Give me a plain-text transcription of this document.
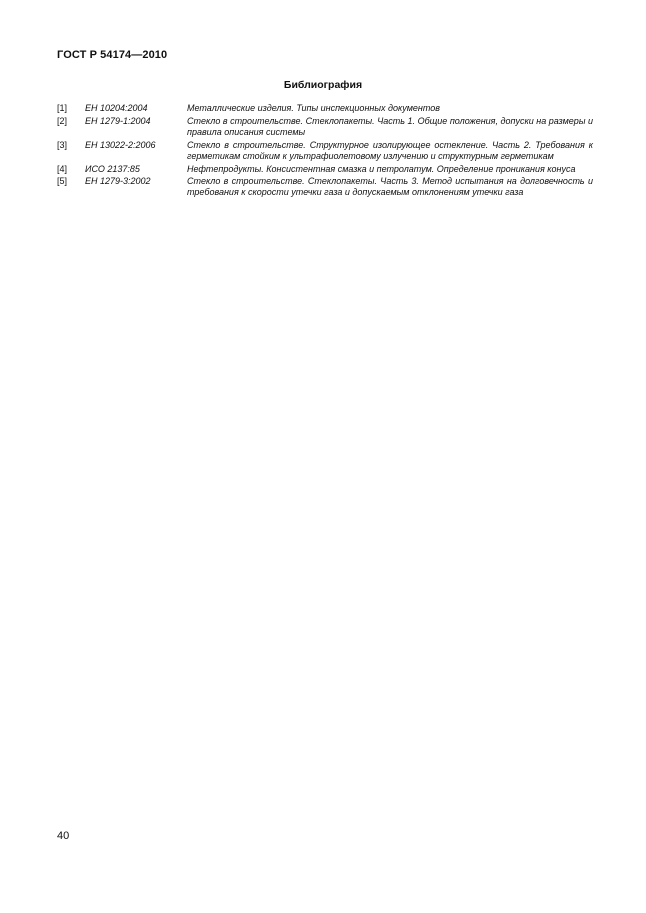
ГОСТ Р 54174—2010
Библиография
[1]	ЕН 10204:2004	Металлические изделия. Типы инспекционных документов
[2]	ЕН 1279-1:2004	Стекло в строительстве. Стеклопакеты. Часть 1. Общие положения, допуски на размеры и правила описания системы
[3]	ЕН 13022-2:2006	Стекло в строительстве. Структурное изолирующее остекление. Часть 2. Требования к герметикам стойким к ультрафиолетовому излучению и структурным герметикам
[4]	ИСО 2137:85	Нефтепродукты. Консистентная смазка и петролатум. Определение проникания конуса
[5]	ЕН 1279-3:2002	Стекло в строительстве. Стеклопакеты. Часть 3. Метод испытания на долговечность и требования к скорости утечки газа и допускаемым отклонениям утечки газа
40
